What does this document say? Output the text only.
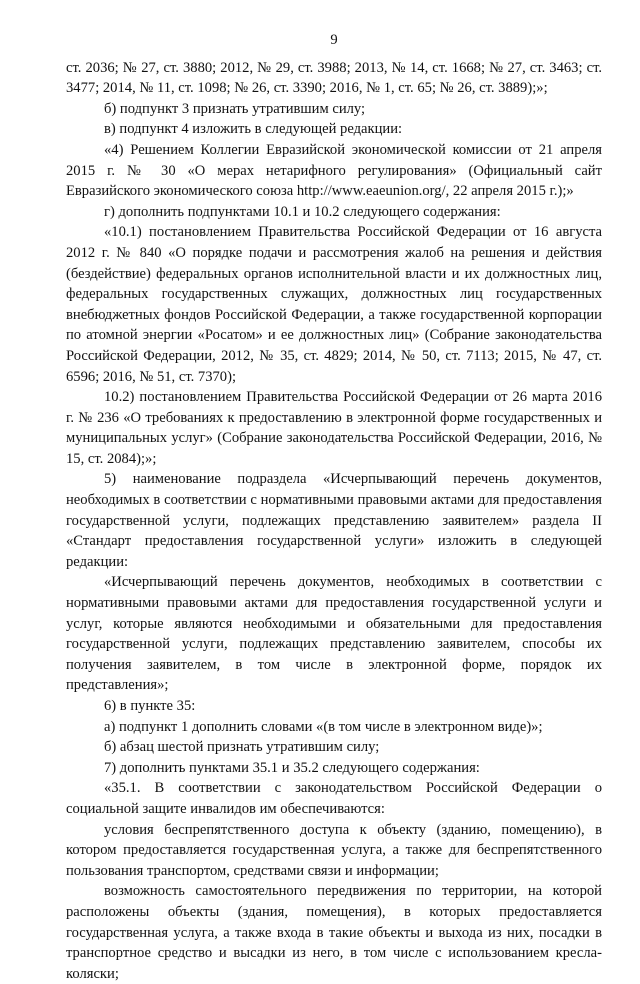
9

ст. 2036; № 27, ст. 3880; 2012, № 29, ст. 3988; 2013, № 14, ст. 1668; № 27, ст. 3463; ст. 3477; 2014, № 11, ст. 1098; № 26, ст. 3390; 2016, № 1, ст. 65; № 26, ст. 3889);»;

б) подпункт 3 признать утратившим силу;

в) подпункт 4 изложить в следующей редакции:

«4) Решением Коллегии Евразийской экономической комиссии от 21 апреля 2015 г. № 30 «О мерах нетарифного регулирования» (Официальный сайт Евразийского экономического союза http://www.eaeunion.org/, 22 апреля 2015 г.);»

г) дополнить подпунктами 10.1 и 10.2 следующего содержания:

«10.1) постановлением Правительства Российской Федерации от 16 августа 2012 г. № 840 «О порядке подачи и рассмотрения жалоб на решения и действия (бездействие) федеральных органов исполнительной власти и их должностных лиц, федеральных государственных служащих, должностных лиц государственных внебюджетных фондов Российской Федерации, а также государственной корпорации по атомной энергии «Росатом» и ее должностных лиц» (Собрание законодательства Российской Федерации, 2012, № 35, ст. 4829; 2014, № 50, ст. 7113; 2015, № 47, ст. 6596; 2016, № 51, ст. 7370);

10.2) постановлением Правительства Российской Федерации от 26 марта 2016 г. № 236 «О требованиях к предоставлению в электронной форме государственных и муниципальных услуг» (Собрание законодательства Российской Федерации, 2016, № 15, ст. 2084);»;

5) наименование подраздела «Исчерпывающий перечень документов, необходимых в соответствии с нормативными правовыми актами для предоставления государственной услуги, подлежащих представлению заявителем» раздела II «Стандарт предоставления государственной услуги» изложить в следующей редакции:

«Исчерпывающий перечень документов, необходимых в соответствии с нормативными правовыми актами для предоставления государственной услуги и услуг, которые являются необходимыми и обязательными для предоставления государственной услуги, подлежащих представлению заявителем, способы их получения заявителем, в том числе в электронной форме, порядок их представления»;

6) в пункте 35:

а) подпункт 1 дополнить словами «(в том числе в электронном виде)»;

б) абзац шестой признать утратившим силу;

7) дополнить пунктами 35.1 и 35.2 следующего содержания:

«35.1. В соответствии с законодательством Российской Федерации о социальной защите инвалидов им обеспечиваются:

условия беспрепятственного доступа к объекту (зданию, помещению), в котором предоставляется государственная услуга, а также для беспрепятственного пользования транспортом, средствами связи и информации;

возможность самостоятельного передвижения по территории, на которой расположены объекты (здания, помещения), в которых предоставляется государственная услуга, а также входа в такие объекты и выхода из них, посадки в транспортное средство и высадки из него, в том числе с использованием кресла-коляски;
